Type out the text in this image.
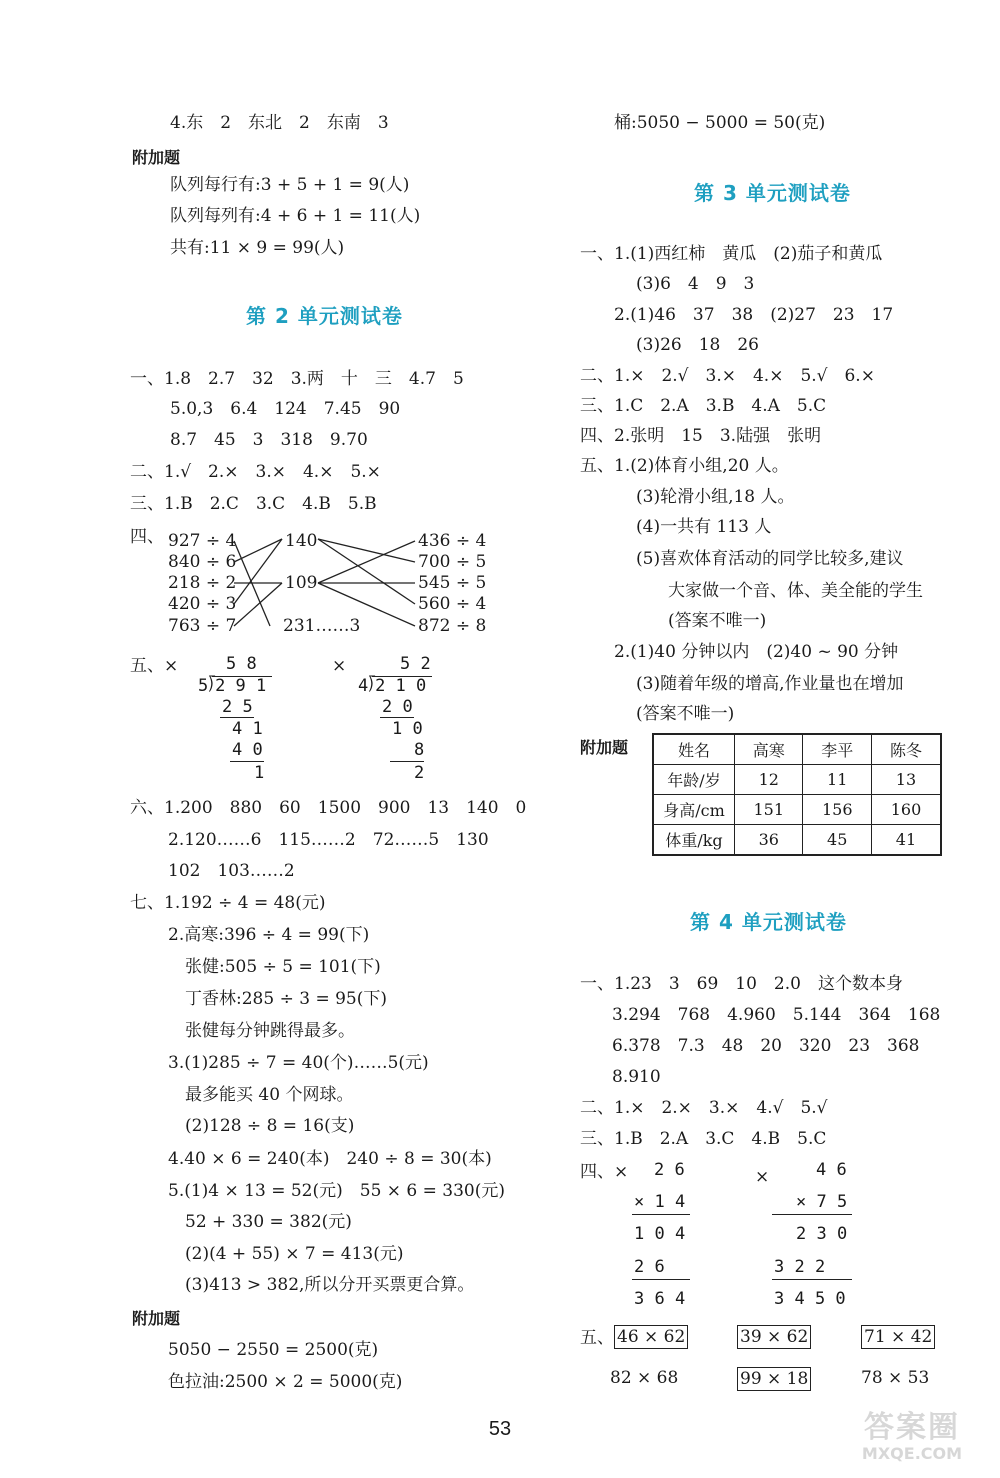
4.东　2　东北　2　东南　3
附加题
队列每行有:3 + 5 + 1 = 9(人)
队列每列有:4 + 6 + 1 = 11(人)
共有:11 × 9 = 99(人)
第 2 单元测试卷
一、1.8　2.7　32　3.两　十　三　4.7　5
5.0,3　6.4　124　7.45　90
8.7　45　3　318　9.70
二、1.√　2.×　3.×　4.×　5.×
三、1.B　2.C　3.C　4.B　5.B
四、 927 ÷ 4
840 ÷ 6
218 ÷ 2
420 ÷ 3
763 ÷ 7
140
109
231……3
436 ÷ 4
700 ÷ 5
545 ÷ 5
560 ÷ 4
872 ÷ 8
五、×	5 8
5⟌2 9 1
2 5
4 1
4 0
1
×	5 2
4⟌2 1 0
2 0
1 0
8
2
六、1.200　880　60　1500　900　13　140　0
2.120……6　115……2　72……5　130
102　103……2
七、1.192 ÷ 4 = 48(元)
2.高寒:396 ÷ 4 = 99(下)
张健:505 ÷ 5 = 101(下)
丁香林:285 ÷ 3 = 95(下)
张健每分钟跳得最多。
3.(1)285 ÷ 7 = 40(个)……5(元)
最多能买 40 个网球。
(2)128 ÷ 8 = 16(支)
4.40 × 6 = 240(本)　240 ÷ 8 = 30(本)
5.(1)4 × 13 = 52(元)　55 × 6 = 330(元)
52 + 330 = 382(元)
(2)(4 + 55) × 7 = 413(元)
(3)413 > 382,所以分开买票更合算。
附加题
5050 − 2550 = 2500(克)
色拉油:2500 × 2 = 5000(克)
桶:5050 − 5000 = 50(克)
第 3 单元测试卷
一、1.(1)西红柿　黄瓜　(2)茄子和黄瓜
(3)6　4　9　3
2.(1)46　37　38　(2)27　23　17
(3)26　18　26
二、1.×　2.√　3.×　4.×　5.√　6.×
三、1.C　2.A　3.B　4.A　5.C
四、2.张明　15　3.陆强　张明
五、1.(2)体育小组,20 人。
(3)轮滑小组,18 人。
(4)一共有 113 人
(5)喜欢体育活动的同学比较多,建议
大家做一个音、体、美全能的学生
(答案不唯一)
2.(1)40 分钟以内　(2)40 ~ 90 分钟
(3)随着年级的增高,作业量也在增加
(答案不唯一)
附加题	姓名	高寒	李平	陈冬
年龄/岁	12	11	13
身高/cm	151	156	160
体重/kg	36	45	41
第 4 单元测试卷
一、1.23　3　69　10　2.0　这个数本身
3.294　768　4.960　5.144　364　168
6.378　7.3　48　20　320　23　368
8.910
二、1.×　2.×　3.×　4.√　5.√
三、1.B　2.A　3.C　4.B　5.C
四、× 2 6
× 1 4
1 0 4
2 6
3 6 4
×	4 6
× 7 5
2 3 0
3 2 2
3 4 5 0
五、 46 × 62	39 × 62	71 × 42
82 × 68	99 × 18	78 × 53
53	答案圈
MXQE.COM
